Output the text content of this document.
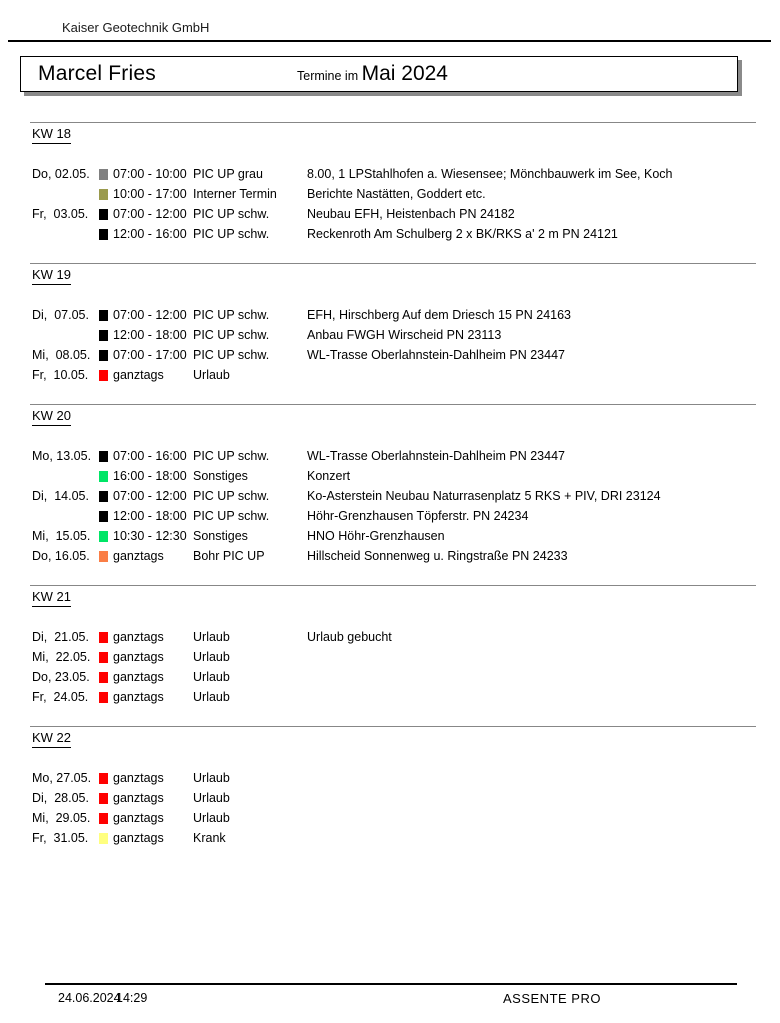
Kaiser Geotechnik GmbH
Marcel Fries	Termine im Mai 2024
KW 18
Do, 02.05.	07:00 - 10:00 PIC UP grau	8.00, 1 LPStahlhofen a. Wiesensee; Mönchbauwerk im See, Koch
10:00 - 17:00 Interner Termin	Berichte Nastätten, Goddert etc.
Fr,  03.05.	07:00 - 12:00 PIC UP schw.	Neubau EFH, Heistenbach PN 24182
12:00 - 16:00 PIC UP schw.	Reckenroth Am Schulberg 2 x BK/RKS a' 2 m PN 24121
KW 19
Di,  07.05.	07:00 - 12:00 PIC UP schw.	EFH, Hirschberg Auf dem Driesch 15 PN 24163
12:00 - 18:00 PIC UP schw.	Anbau FWGH Wirscheid PN 23113
Mi,  08.05.	07:00 - 17:00 PIC UP schw.	WL-Trasse Oberlahnstein-Dahlheim PN 23447
Fr,  10.05.	ganztags	Urlaub
KW 20
Mo, 13.05.	07:00 - 16:00 PIC UP schw.	WL-Trasse Oberlahnstein-Dahlheim PN 23447
16:00 - 18:00 Sonstiges	Konzert
Di,  14.05.	07:00 - 12:00 PIC UP schw.	Ko-Asterstein Neubau Naturrasenplatz 5 RKS + PIV, DRI 23124
12:00 - 18:00 PIC UP schw.	Höhr-Grenzhausen Töpferstr. PN 24234
Mi,  15.05.	10:30 - 12:30 Sonstiges	HNO Höhr-Grenzhausen
Do, 16.05.	ganztags	Bohr PIC UP	Hillscheid Sonnenweg u. Ringstraße PN 24233
KW 21
Di,  21.05.	ganztags	Urlaub	Urlaub gebucht
Mi,  22.05.	ganztags	Urlaub
Do, 23.05.	ganztags	Urlaub
Fr,  24.05.	ganztags	Urlaub
KW 22
Mo, 27.05.	ganztags	Urlaub
Di,  28.05.	ganztags	Urlaub
Mi,  29.05.	ganztags	Urlaub
Fr,  31.05.	ganztags	Krank
24.06.2024
14:29	ASSENTE PRO
